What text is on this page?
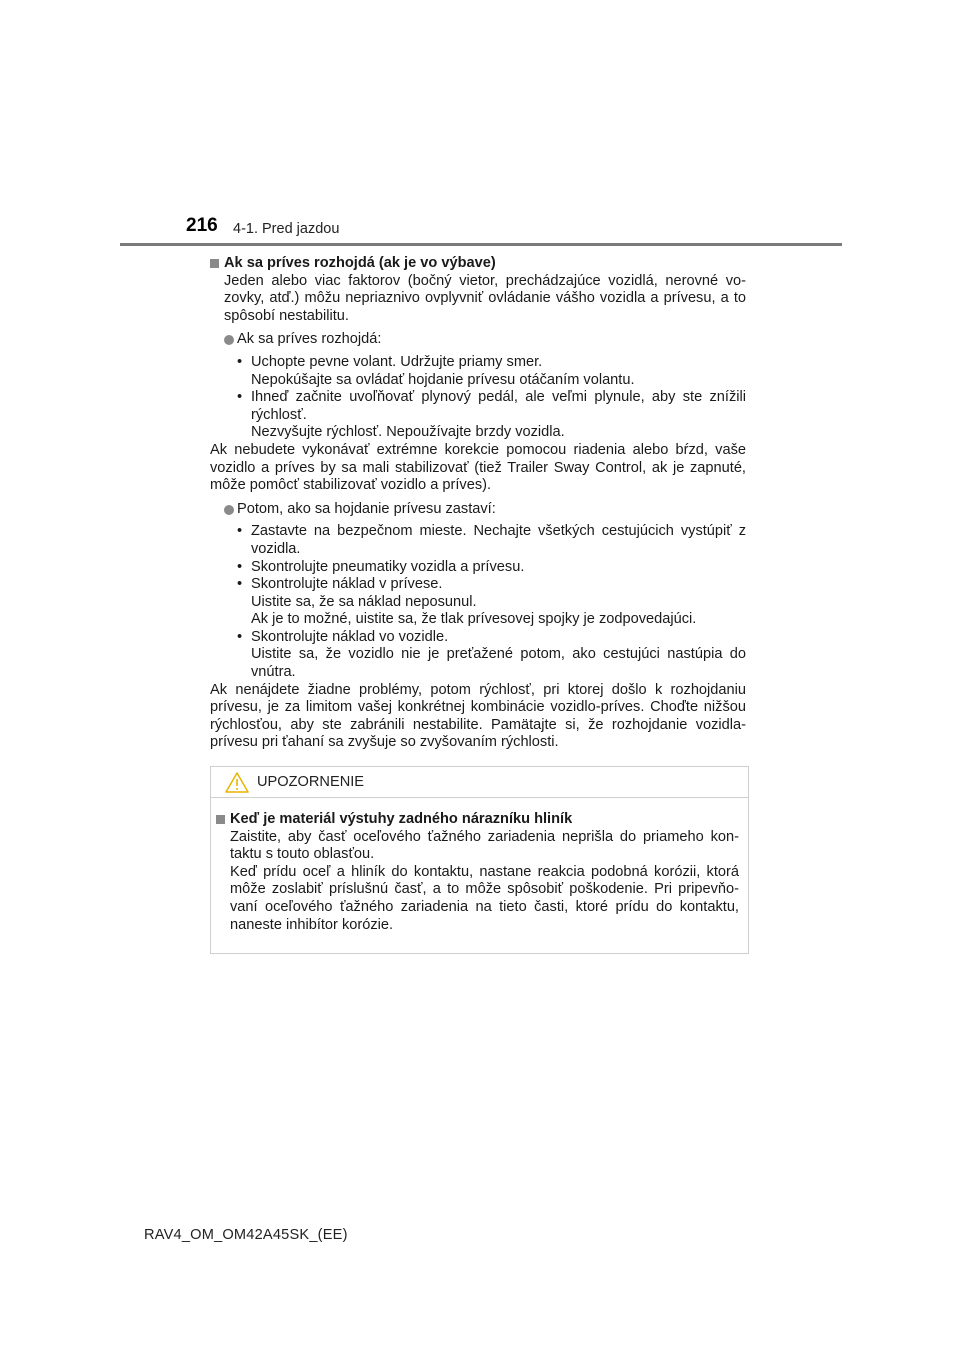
216 4-1. Pred jazdou
Ak sa príves rozhojdá (ak je vo výbave)

Jeden alebo viac faktorov (bočný vietor, prechádzajúce vozidlá, nerovné vo- zovky, atď.) môžu nepriaznivo ovplyvniť ovládanie vášho vozidla a prívesu, a to spôsobí nestabilitu.

Ak sa príves rozhojdá:
• Uchopte pevne volant. Udržujte priamy smer.
Nepokúšajte sa ovládať hojdanie prívesu otáčaním volantu.
• Ihneď začnite uvoľňovať plynový pedál, ale veľmi plynule, aby ste znížili rýchlosť.
Nezvyšujte rýchlosť. Nepoužívajte brzdy vozidla.

Ak nebudete vykonávať extrémne korekcie pomocou riadenia alebo bŕzd, vaše vozidlo a príves by sa mali stabilizovať (tiež Trailer Sway Control, ak je zapnuté, môže pomôcť stabilizovať vozidlo a príves).

Potom, ako sa hojdanie prívesu zastaví:
• Zastavte na bezpečnom mieste. Nechajte všetkých cestujúcich vystúpiť z vozidla.
• Skontrolujte pneumatiky vozidla a prívesu.
• Skontrolujte náklad v prívese.
Uistite sa, že sa náklad neposunul.
Ak je to možné, uistite sa, že tlak prívesovej spojky je zodpovedajúci.
• Skontrolujte náklad vo vozidle.
Uistite sa, že vozidlo nie je preťažené potom, ako cestujúci nastúpia do vnútra.

Ak nenájdete žiadne problémy, potom rýchlosť, pri ktorej došlo k rozhojdaniu prívesu, je za limitom vašej konkrétnej kombinácie vozidlo-príves. Choďte nižšou rýchlosťou, aby ste zabránili nestabilite. Pamätajte si, že rozhojdanie vozidla-prívesu pri ťahaní sa zvyšuje so zvyšovaním rýchlosti.

UPOZORNENIE
Keď je materiál výstuhy zadného nárazníku hliník

Zaistite, aby časť oceľového ťažného zariadenia neprišla do priameho kon- taktu s touto oblasťou.
Keď prídu oceľ a hliník do kontaktu, nastane reakcia podobná korózii, ktorá môže zoslabiť príslušnú časť, a to môže spôsobiť poškodenie. Pri pripevňo- vaní oceľového ťažného zariadenia na tieto časti, ktoré prídu do kontaktu, naneste inhibítor korózie.

RAV4_OM_OM42A45SK_(EE)
